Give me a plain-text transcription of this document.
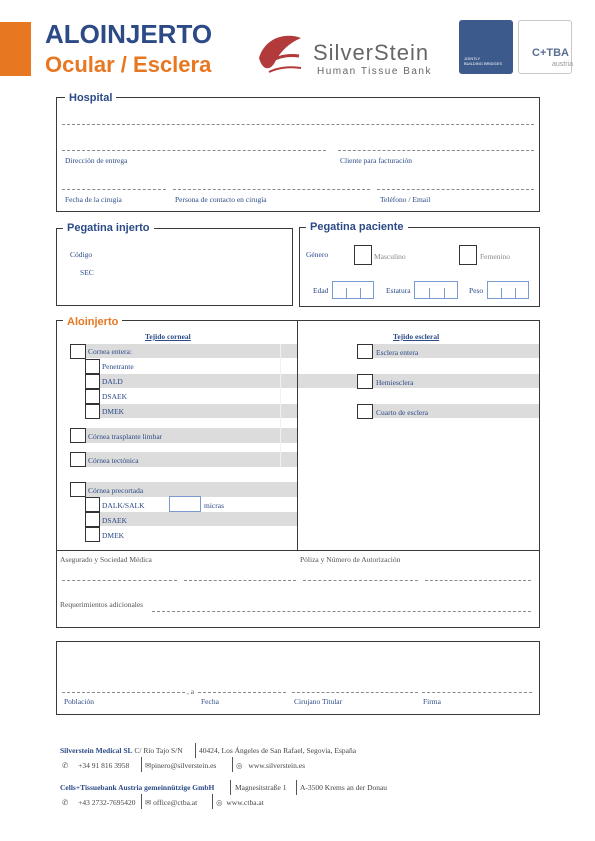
ALOINJERTO
Ocular / Esclera	SilverStein
Human Tissue Bank
JOINTLY
BUILDING BRIDGES
C+TBA
austria
Hospital
Dirección de entrega	Cliente para facturación
Fecha de la cirugía	Persona de contacto en cirugía	Teléfono / Email
Pegatina injerto
Código
SEC
Pegatina paciente
Género	Masculino	Femenino
Edad	Estatura	Peso
Aloinjerto
Tejido corneal	Tejido escleral
Cornea entera:
Penetrante
DALD
DSAEK
DMEK
Córnea trasplante limbar
Córnea tectónica
Córnea precortada
DALK/SALK	micras
DSAEK
DMEK
Esclera entera
Hemiesclera
Cuarto de esclera
Asegurado y Sociedad Médica	Póliza y Número de Autorización
Requerimientos adicionales
, a
Población	Fecha	Cirujano Titular	Firma
Silverstein Medical SL C/ Río Tajo S/N 40424, Los Ángeles de San Rafael, Segovia, España
✆ +34 91 816 3958 ✉pinero@silverstein.es	◎ www.silverstein.es
Cells+Tissuebank Austria gemeinnützige GmbH	Magnesitstraße 1 A-3500 Krems an der Donau
✆ +43 2732-7695420 ✉ office@ctba.at	◎ www.ctba.at
